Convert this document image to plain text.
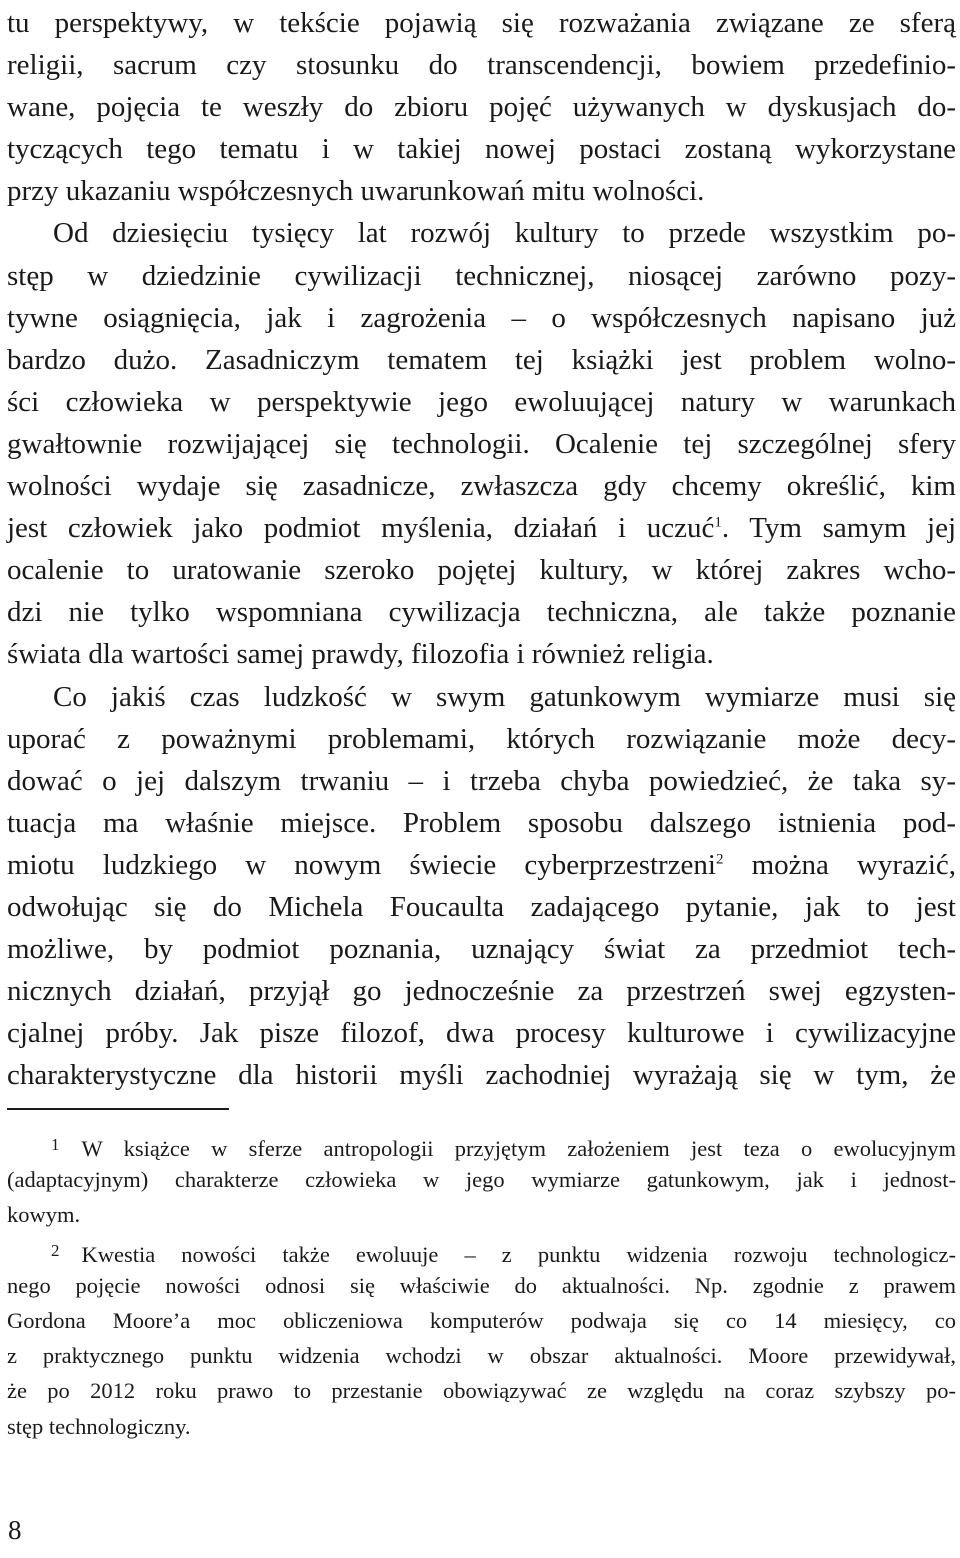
tu perspektywy, w tekście pojawią się rozważania związane ze sferą
religii, sacrum czy stosunku do transcendencji, bowiem przedefinio-
wane, pojęcia te weszły do zbioru pojęć używanych w dyskusjach do-
tyczących tego tematu i w takiej nowej postaci zostaną wykorzystane
przy ukazaniu współczesnych uwarunkowań mitu wolności.
Od dziesięciu tysięcy lat rozwój kultury to przede wszystkim po-
stęp w dziedzinie cywilizacji technicznej, niosącej zarówno pozy-
tywne osiągnięcia, jak i zagrożenia – o współczesnych napisano już
bardzo dużo. Zasadniczym tematem tej książki jest problem wolno-
ści człowieka w perspektywie jego ewoluującej natury w warunkach
gwałtownie rozwijającej się technologii. Ocalenie tej szczególnej sfery
wolności wydaje się zasadnicze, zwłaszcza gdy chcemy określić, kim
jest człowiek jako podmiot myślenia, działań i uczuć$^1$. Tym samym jej
ocalenie to uratowanie szeroko pojętej kultury, w której zakres wcho-
dzi nie tylko wspomniana cywilizacja techniczna, ale także poznanie
świata dla wartości samej prawdy, filozofia i również religia.
Co jakiś czas ludzkość w swym gatunkowym wymiarze musi się
uporać z poważnymi problemami, których rozwiązanie może decy-
dować o jej dalszym trwaniu – i trzeba chyba powiedzieć, że taka sy-
tuacja ma właśnie miejsce. Problem sposobu dalszego istnienia pod-
miotu ludzkiego w nowym świecie cyberprzestrzeni$^2$ można wyrazić,
odwołując się do Michela Foucaulta zadającego pytanie, jak to jest
możliwe, by podmiot poznania, uznający świat za przedmiot tech-
nicznych działań, przyjął go jednocześnie za przestrzeń swej egzysten-
cjalnej próby. Jak pisze filozof, dwa procesy kulturowe i cywilizacyjne
charakterystyczne dla historii myśli zachodniej wyrażają się w tym, że
$^1$ W książce w sferze antropologii przyjętym założeniem jest teza o ewolucyjnym
(adaptacyjnym) charakterze człowieka w jego wymiarze gatunkowym, jak i jednost-
kowym.
$^2$ Kwestia nowości także ewoluuje – z punktu widzenia rozwoju technologicz-
nego pojęcie nowości odnosi się właściwie do aktualności. Np. zgodnie z prawem
Gordona Moore’a moc obliczeniowa komputerów podwaja się co 14 miesięcy, co
z praktycznego punktu widzenia wchodzi w obszar aktualności. Moore przewidywał,
że po 2012 roku prawo to przestanie obowiązywać ze względu na coraz szybszy po-
stęp technologiczny.
8
